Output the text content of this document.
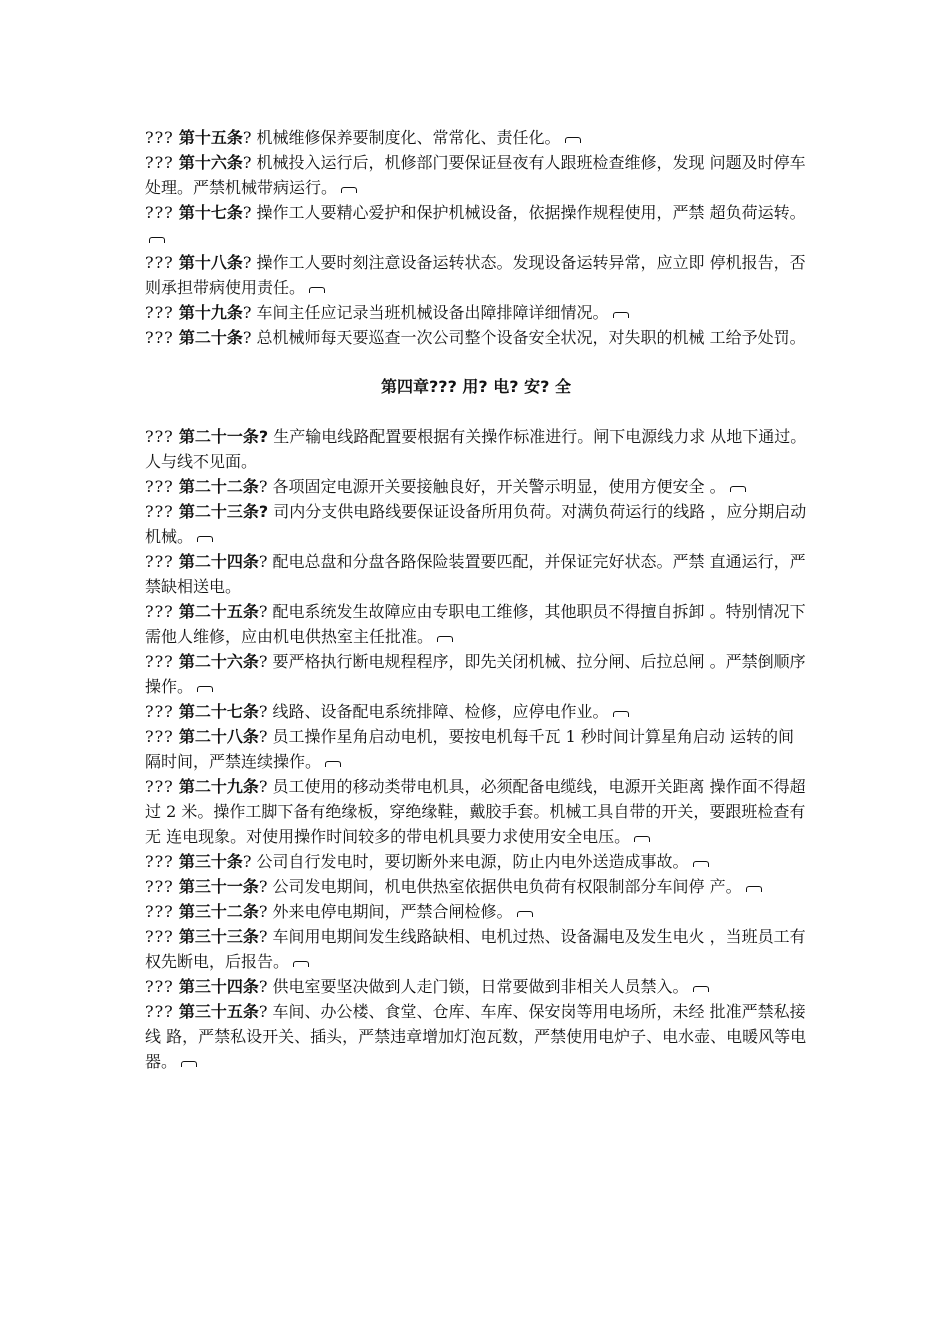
??? 第十五条? 机械维修保养要制度化、常常化、责任化。

??? 第十六条? 机械投入运行后，机修部门要保证昼夜有人跟班检查维修，发现 问题及时停车处理。严禁机械带病运行。

??? 第十七条? 操作工人要精心爱护和保护机械设备，依据操作规程使用，严禁 超负荷运转。

??? 第十八条? 操作工人要时刻注意设备运转状态。发现设备运转异常，应立即 停机报告，否则承担带病使用责任。

??? 第十九条? 车间主任应记录当班机械设备出障排障详细情况。

??? 第二十条? 总机械师每天要巡查一次公司整个设备安全状况，对失职的机械 工给予处罚。

第四章??? 用? 电? 安? 全

??? 第二十一条? 生产输电线路配置要根据有关操作标准进行。闸下电源线力求 从地下通过。人与线不见面。

??? 第二十二条? 各项固定电源开关要接触良好，开关警示明显，使用方便安全 。

??? 第二十三条? 司内分支供电路线要保证设备所用负荷。对满负荷运行的线路 ，应分期启动机械。

??? 第二十四条? 配电总盘和分盘各路保险装置要匹配，并保证完好状态。严禁 直通运行，严禁缺相送电。

??? 第二十五条? 配电系统发生故障应由专职电工维修，其他职员不得擅自拆卸 。特别情况下需他人维修，应由机电供热室主任批准。

??? 第二十六条? 要严格执行断电规程程序，即先关闭机械、拉分闸、后拉总闸 。严禁倒顺序操作。

??? 第二十七条? 线路、设备配电系统排障、检修，应停电作业。

??? 第二十八条? 员工操作星角启动电机，要按电机每千瓦 1 秒时间计算星角启动 运转的间隔时间，严禁连续操作。

??? 第二十九条? 员工使用的移动类带电机具，必须配备电缆线，电源开关距离 操作面不得超过 2 米。操作工脚下备有绝缘板，穿绝缘鞋，戴胶手套。机械工具自带的开关，要跟班检查有无 连电现象。对使用操作时间较多的带电机具要力求使用安全电压。

??? 第三十条? 公司自行发电时，要切断外来电源，防止内电外送造成事故。

??? 第三十一条? 公司发电期间，机电供热室依据供电负荷有权限制部分车间停 产。

??? 第三十二条? 外来电停电期间，严禁合闸检修。

??? 第三十三条? 车间用电期间发生线路缺相、电机过热、设备漏电及发生电火 ，当班员工有权先断电，后报告。

??? 第三十四条? 供电室要坚决做到人走门锁，日常要做到非相关人员禁入。

??? 第三十五条? 车间、办公楼、食堂、仓库、车库、保安岗等用电场所，未经 批准严禁私接线 路，严禁私设开关、插头，严禁违章增加灯泡瓦数，严禁使用电炉子、电水壶、电暖风等电 器。
